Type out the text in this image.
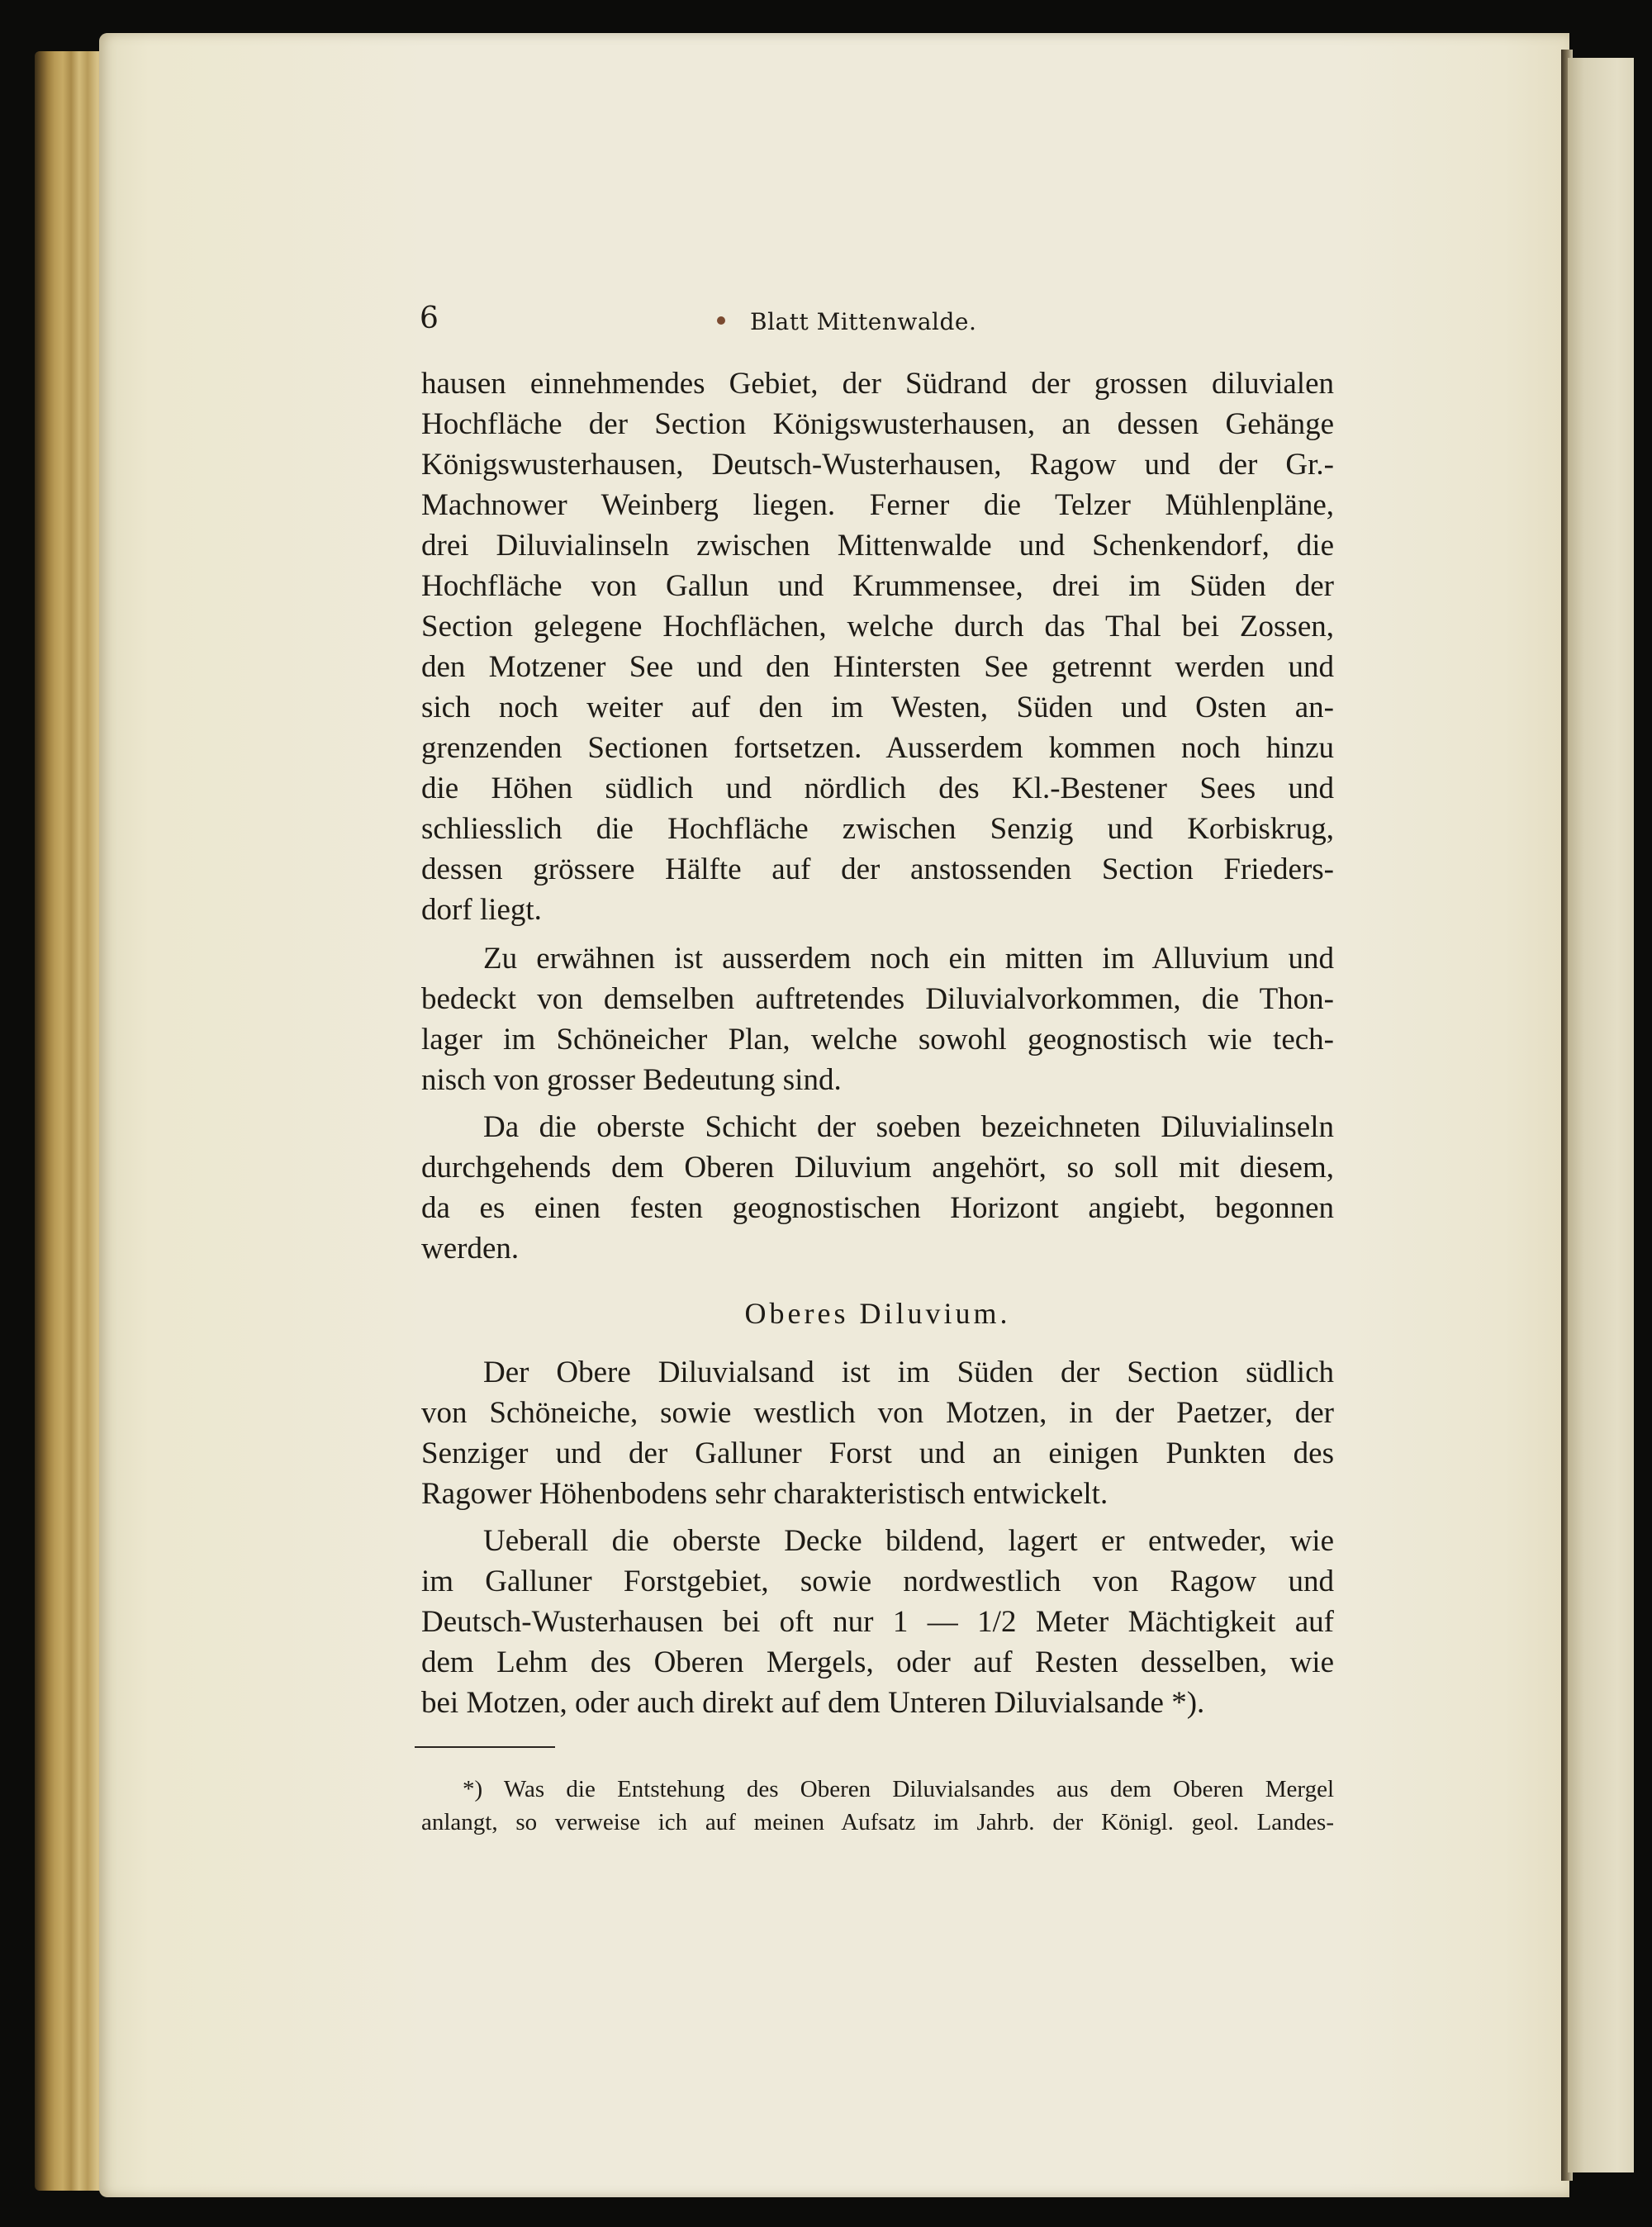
6	Blatt Mittenwalde.
hausen einnehmendes Gebiet, der Südrand der grossen diluvialen
Hochfläche der Section Königswusterhausen, an dessen Gehänge
Königswusterhausen, Deutsch-Wusterhausen, Ragow und der Gr.-
Machnower Weinberg liegen. Ferner die Telzer Mühlenpläne,
drei Diluvialinseln zwischen Mittenwalde und Schenkendorf, die
Hochfläche von Gallun und Krummensee, drei im Süden der
Section gelegene Hochflächen, welche durch das Thal bei Zossen,
den Motzener See und den Hintersten See getrennt werden und
sich noch weiter auf den im Westen, Süden und Osten an-
grenzenden Sectionen fortsetzen. Ausserdem kommen noch hinzu
die Höhen südlich und nördlich des Kl.-Bestener Sees und
schliesslich die Hochfläche zwischen Senzig und Korbiskrug,
dessen grössere Hälfte auf der anstossenden Section Frieders-
dorf liegt.
Zu erwähnen ist ausserdem noch ein mitten im Alluvium und
bedeckt von demselben auftretendes Diluvialvorkommen, die Thon-
lager im Schöneicher Plan, welche sowohl geognostisch wie tech-
nisch von grosser Bedeutung sind.
Da die oberste Schicht der soeben bezeichneten Diluvialinseln
durchgehends dem Oberen Diluvium angehört, so soll mit diesem,
da es einen festen geognostischen Horizont angiebt, begonnen
werden.
Oberes Diluvium.
Der Obere Diluvialsand ist im Süden der Section südlich
von Schöneiche, sowie westlich von Motzen, in der Paetzer, der
Senziger und der Galluner Forst und an einigen Punkten des
Ragower Höhenbodens sehr charakteristisch entwickelt.
Ueberall die oberste Decke bildend, lagert er entweder, wie
im Galluner Forstgebiet, sowie nordwestlich von Ragow und
Deutsch-Wusterhausen bei oft nur 1 — 1/2 Meter Mächtigkeit auf
dem Lehm des Oberen Mergels, oder auf Resten desselben, wie
bei Motzen, oder auch direkt auf dem Unteren Diluvialsande *).
*) Was die Entstehung des Oberen Diluvialsandes aus dem Oberen Mergel
anlangt, so verweise ich auf meinen Aufsatz im Jahrb. der Königl. geol. Landes-
